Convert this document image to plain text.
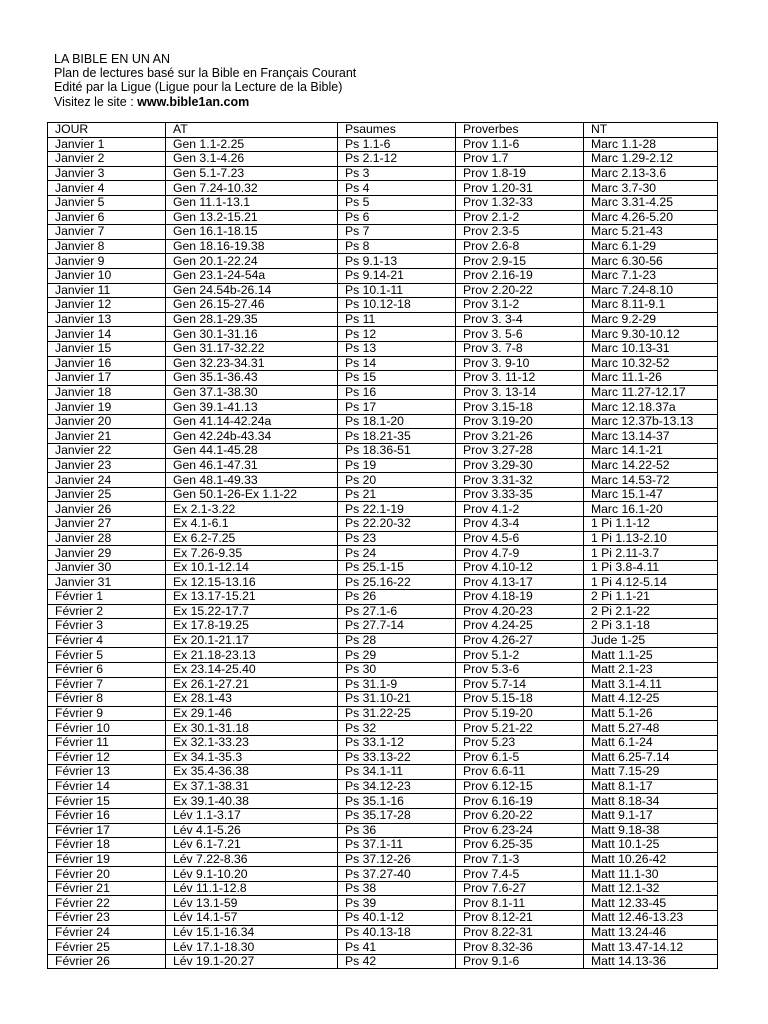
LA BIBLE EN UN AN
Plan de lectures basé sur la Bible en Français Courant
Edité par la Ligue (Ligue pour la Lecture de la Bible)
Visitez le site : www.bible1an.com
JOUR	AT	Psaumes	Proverbes	NT
Janvier 1	Gen 1.1-2.25	Ps 1.1-6	Prov 1.1-6	Marc 1.1-28
Janvier 2	Gen 3.1-4.26	Ps 2.1-12	Prov 1.7	Marc 1.29-2.12
Janvier 3	Gen 5.1-7.23	Ps 3	Prov 1.8-19	Marc 2.13-3.6
Janvier 4	Gen 7.24-10.32	Ps 4	Prov 1.20-31	Marc 3.7-30
Janvier 5	Gen 11.1-13.1	Ps 5	Prov 1.32-33	Marc 3.31-4.25
Janvier 6	Gen 13.2-15.21	Ps 6	Prov 2.1-2	Marc 4.26-5.20
Janvier 7	Gen 16.1-18.15	Ps 7	Prov 2.3-5	Marc 5.21-43
Janvier 8	Gen 18.16-19.38	Ps 8	Prov 2.6-8	Marc 6.1-29
Janvier 9	Gen 20.1-22.24	Ps 9.1-13	Prov 2.9-15	Marc 6.30-56
Janvier 10	Gen 23.1-24-54a	Ps 9.14-21	Prov 2.16-19	Marc 7.1-23
Janvier 11	Gen 24.54b-26.14	Ps 10.1-11	Prov 2.20-22	Marc 7.24-8.10
Janvier 12	Gen 26.15-27.46	Ps 10.12-18	Prov 3.1-2	Marc 8.11-9.1
Janvier 13	Gen 28.1-29.35	Ps 11	Prov 3. 3-4	Marc 9.2-29
Janvier 14	Gen 30.1-31.16	Ps 12	Prov 3. 5-6	Marc 9.30-10.12
Janvier 15	Gen 31.17-32.22	Ps 13	Prov 3. 7-8	Marc 10.13-31
Janvier 16	Gen 32.23-34.31	Ps 14	Prov 3. 9-10	Marc 10.32-52
Janvier 17	Gen 35.1-36.43	Ps 15	Prov 3. 11-12	Marc 11.1-26
Janvier 18	Gen 37.1-38.30	Ps 16	Prov 3. 13-14	Marc 11.27-12.17
Janvier 19	Gen 39.1-41.13	Ps 17	Prov 3.15-18	Marc 12.18.37a
Janvier 20	Gen 41.14-42.24a	Ps 18.1-20	Prov 3.19-20	Marc 12.37b-13.13
Janvier 21	Gen 42.24b-43.34	Ps 18.21-35	Prov 3.21-26	Marc 13.14-37
Janvier 22	Gen 44.1-45.28	Ps 18.36-51	Prov 3.27-28	Marc 14.1-21
Janvier 23	Gen 46.1-47.31	Ps 19	Prov 3.29-30	Marc 14.22-52
Janvier 24	Gen 48.1-49.33	Ps 20	Prov 3.31-32	Marc 14.53-72
Janvier 25	Gen 50.1-26-Ex 1.1-22	Ps 21	Prov 3.33-35	Marc 15.1-47
Janvier 26	Ex 2.1-3.22	Ps 22.1-19	Prov 4.1-2	Marc 16.1-20
Janvier 27	Ex 4.1-6.1	Ps 22.20-32	Prov 4.3-4	1 Pi 1.1-12
Janvier 28	Ex 6.2-7.25	Ps 23	Prov 4.5-6	1 Pi 1.13-2.10
Janvier 29	Ex 7.26-9.35	Ps 24	Prov 4.7-9	1 Pi 2.11-3.7
Janvier 30	Ex 10.1-12.14	Ps 25.1-15	Prov 4.10-12	1 Pi 3.8-4.11
Janvier 31	Ex 12.15-13.16	Ps 25.16-22	Prov 4.13-17	1 Pi 4.12-5.14
Février 1	Ex 13.17-15.21	Ps 26	Prov 4.18-19	2 Pi 1.1-21
Février 2	Ex 15.22-17.7	Ps 27.1-6	Prov 4.20-23	2 Pi 2.1-22
Février 3	Ex 17.8-19.25	Ps 27.7-14	Prov 4.24-25	2 Pi 3.1-18
Février 4	Ex 20.1-21.17	Ps 28	Prov 4.26-27	Jude 1-25
Février 5	Ex 21.18-23.13	Ps 29	Prov 5.1-2	Matt 1.1-25
Février 6	Ex 23.14-25.40	Ps 30	Prov 5.3-6	Matt 2.1-23
Février 7	Ex 26.1-27.21	Ps 31.1-9	Prov 5.7-14	Matt 3.1-4.11
Février 8	Ex 28.1-43	Ps 31.10-21	Prov 5.15-18	Matt 4.12-25
Février 9	Ex 29.1-46	Ps 31.22-25	Prov 5.19-20	Matt 5.1-26
Février 10	Ex 30.1-31.18	Ps 32	Prov 5.21-22	Matt 5.27-48
Février 11	Ex 32.1-33.23	Ps 33.1-12	Prov 5.23	Matt 6.1-24
Février 12	Ex 34.1-35.3	Ps 33.13-22	Prov 6.1-5	Matt 6.25-7.14
Février 13	Ex 35.4-36.38	Ps 34.1-11	Prov 6.6-11	Matt 7.15-29
Février 14	Ex 37.1-38.31	Ps 34.12-23	Prov 6.12-15	Matt 8.1-17
Février 15	Ex 39.1-40.38	Ps 35.1-16	Prov 6.16-19	Matt 8.18-34
Février 16	Lév 1.1-3.17	Ps 35.17-28	Prov 6.20-22	Matt 9.1-17
Février 17	Lév 4.1-5.26	Ps 36	Prov 6.23-24	Matt 9.18-38
Février 18	Lév 6.1-7.21	Ps 37.1-11	Prov 6.25-35	Matt 10.1-25
Février 19	Lév 7.22-8.36	Ps 37.12-26	Prov 7.1-3	Matt 10.26-42
Février 20	Lév 9.1-10.20	Ps 37.27-40	Prov 7.4-5	Matt 11.1-30
Février 21	Lév 11.1-12.8	Ps 38	Prov 7.6-27	Matt 12.1-32
Février 22	Lév 13.1-59	Ps 39	Prov 8.1-11	Matt 12.33-45
Février 23	Lév 14.1-57	Ps 40.1-12	Prov 8.12-21	Matt 12.46-13.23
Février 24	Lév 15.1-16.34	Ps 40.13-18	Prov 8.22-31	Matt 13.24-46
Février 25	Lév 17.1-18.30	Ps 41	Prov 8.32-36	Matt 13.47-14.12
Février 26	Lév 19.1-20.27	Ps 42	Prov 9.1-6	Matt 14.13-36
